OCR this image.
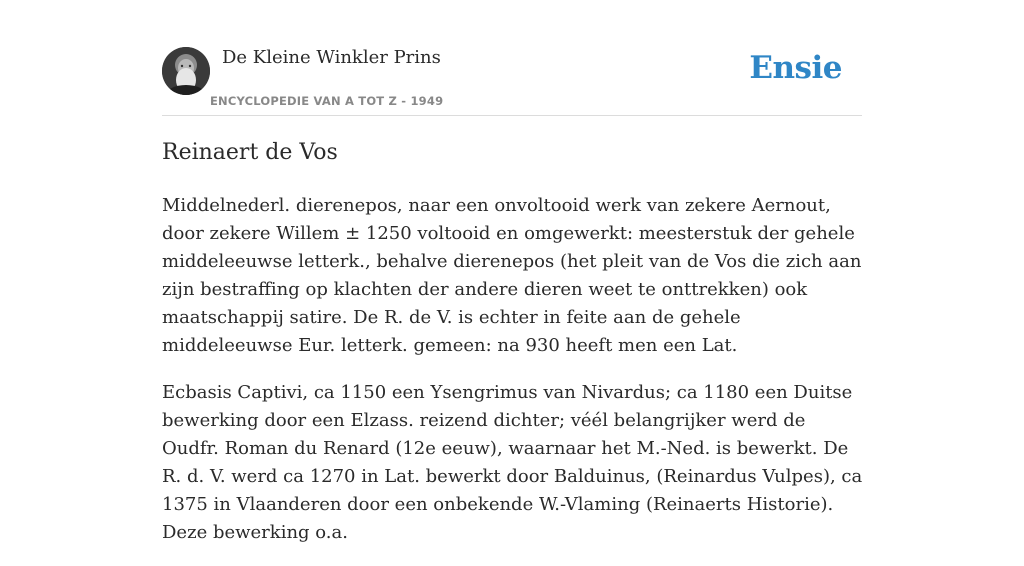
De Kleine Winkler Prins
ENCYCLOPEDIE VAN A TOT Z - 1949
Ensie
Reinaert de Vos

Middelnederl. dierenepos, naar een onvoltooid werk van zekere Aernout, door zekere Willem ± 1250 voltooid en omgewerkt: meesterstuk der gehele middeleeuwse letterk., behalve dierenepos (het pleit van de Vos die zich aan zijn bestraffing op klachten der andere dieren weet te onttrekken) ook maatschappij satire. De R. de V. is echter in feite aan de gehele middeleeuwse Eur. letterk. gemeen: na 930 heeft men een Lat.

Ecbasis Captivi, ca 1150 een Ysengrimus van Nivardus; ca 1180 een Duitse bewerking door een Elzass. reizend dichter; véél belangrijker werd de Oudfr. Roman du Renard (12e eeuw), waarnaar het M.-Ned. is bewerkt. De R. d. V. werd ca 1270 in Lat. bewerkt door Balduinus, (Reinardus Vulpes), ca 1375 in Vlaanderen door een onbekende W.-Vlaming (Reinaerts Historie). Deze bewerking o.a.
